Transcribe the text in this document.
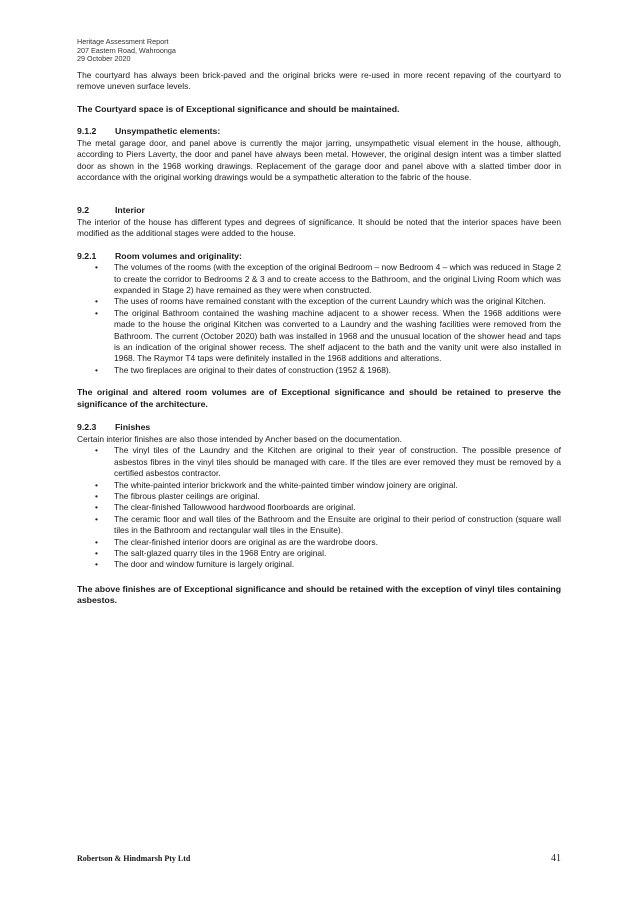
Heritage Assessment Report
207 Eastern Road, Wahroonga
29 October 2020

The courtyard has always been brick-paved and the original bricks were re-used in more recent repaving of the courtyard to remove uneven surface levels.

The Courtyard space is of Exceptional significance and should be maintained.

9.1.2 Unsympathetic elements:

The metal garage door, and panel above is currently the major jarring, unsympathetic visual element in the house, although, according to Piers Laverty, the door and panel have always been metal. However, the original design intent was a timber slatted door as shown in the 1968 working drawings. Replacement of the garage door and panel above with a slatted timber door in accordance with the original working drawings would be a sympathetic alteration to the fabric of the house.

9.2	Interior

The interior of the house has different types and degrees of significance. It should be noted that the interior spaces have been modified as the additional stages were added to the house.

9.2.1 Room volumes and originality:
• The volumes of the rooms (with the exception of the original Bedroom – now Bedroom 4 – which was reduced in Stage 2 to create the corridor to Bedrooms 2 & 3 and to create access to the Bathroom, and the original Living Room which was expanded in Stage 2) have remained as they were when constructed.
• The uses of rooms have remained constant with the exception of the current Laundry which was the original Kitchen.
• The original Bathroom contained the washing machine adjacent to a shower recess. When the 1968 additions were made to the house the original Kitchen was converted to a Laundry and the washing facilities were removed from the Bathroom. The current (October 2020) bath was installed in 1968 and the unusual location of the shower head and taps is an indication of the original shower recess. The shelf adjacent to the bath and the vanity unit were also installed in 1968. The Raymor T4 taps were definitely installed in the 1968 additions and alterations.
• The two fireplaces are original to their dates of construction (1952 & 1968).

The original and altered room volumes are of Exceptional significance and should be retained to preserve the significance of the architecture.

9.2.3 Finishes

Certain interior finishes are also those intended by Ancher based on the documentation.

• The vinyl tiles of the Laundry and the Kitchen are original to their year of construction. The possible presence of asbestos fibres in the vinyl tiles should be managed with care. If the tiles are ever removed they must be removed by a certified asbestos contractor.
• The white-painted interior brickwork and the white-painted timber window joinery are original.
• The fibrous plaster ceilings are original.
• The clear-finished Tallowwood hardwood floorboards are original.
• The ceramic floor and wall tiles of the Bathroom and the Ensuite are original to their period of construction (square wall tiles in the Bathroom and rectangular wall tiles in the Ensuite).
• The clear-finished interior doors are original as are the wardrobe doors.
• The salt-glazed quarry tiles in the 1968 Entry are original.
• The door and window furniture is largely original.

The above finishes are of Exceptional significance and should be retained with the exception of vinyl tiles containing asbestos.

Robertson & Hindmarsh Pty Ltd	41
